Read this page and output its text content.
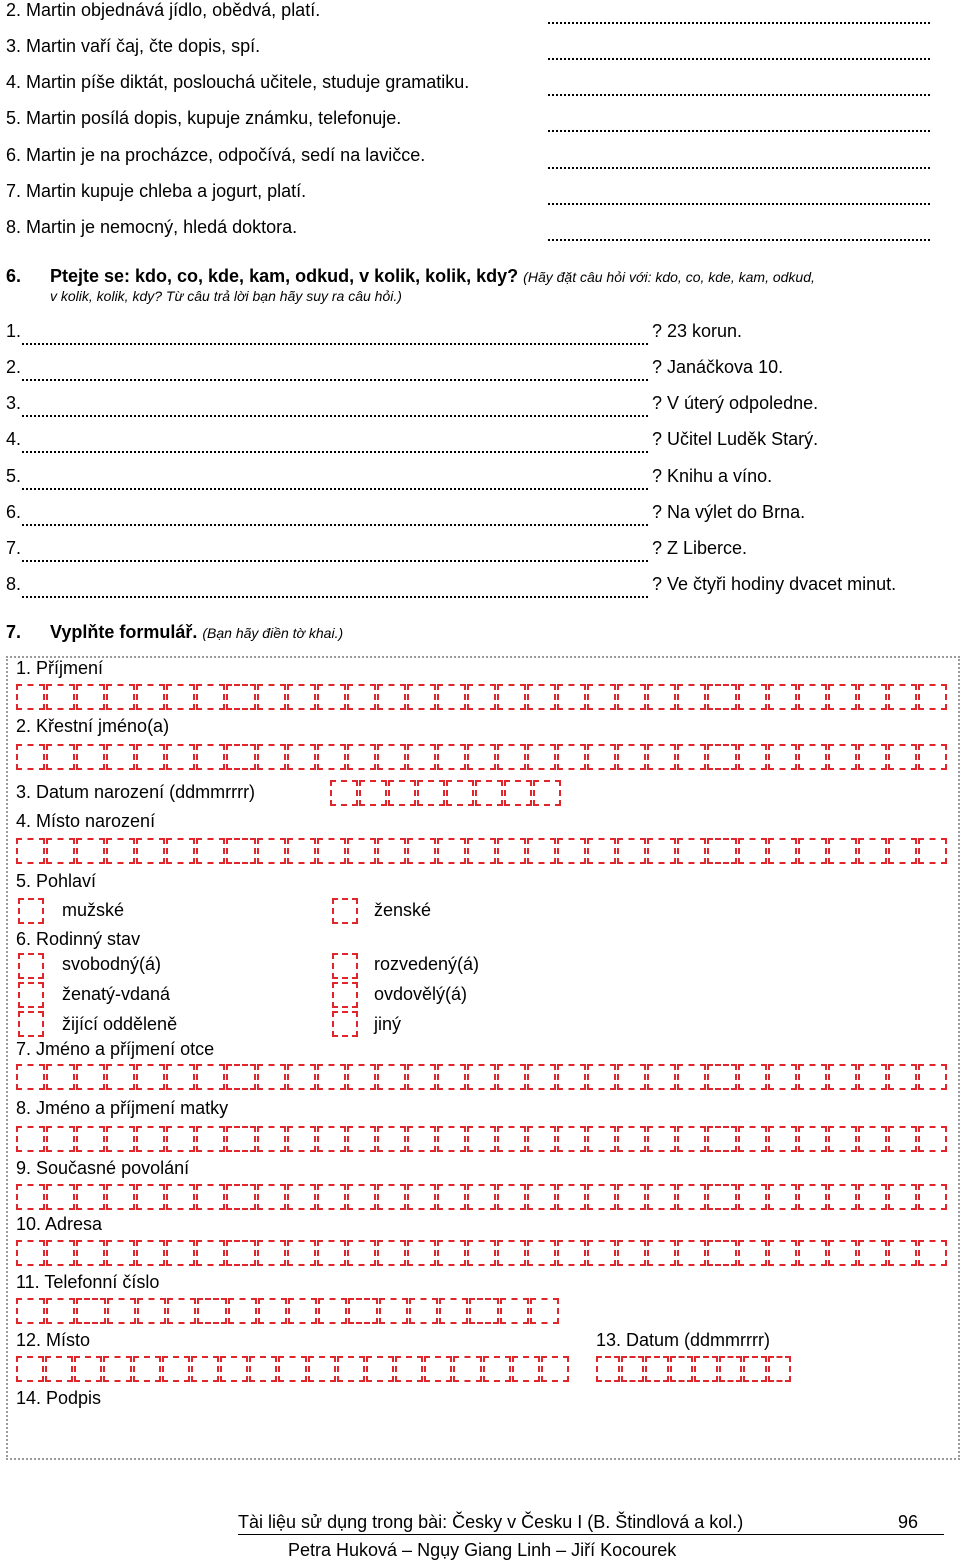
2. Martin objednává jídlo, obědvá, platí.
3. Martin vaří čaj, čte dopis, spí.
4. Martin píše diktát, poslouchá učitele, studuje gramatiku.
5. Martin posílá dopis, kupuje známku, telefonuje.
6. Martin je na procházce, odpočívá, sedí na lavičce.
7. Martin kupuje chleba a jogurt, platí.
8. Martin je nemocný, hledá doktora.
6. Ptejte se: kdo, co, kde, kam, odkud, v kolik, kolik, kdy? (Hãy đặt câu hỏi với: kdo, co, kde, kam, odkud,
v kolik, kolik, kdy? Từ câu trả lời bạn hãy suy ra câu hỏi.)
1.	? 23 korun.
2.	? Janáčkova 10.
3.	? V úterý odpoledne.
4.	? Učitel Luděk Starý.
5.	? Knihu a víno.
6.	? Na výlet do Brna.
7.	? Z Liberce.
8.	? Ve čtyři hodiny dvacet minut.
7. Vyplňte formulář. (Bạn hãy điền tờ khai.)
1. Příjmení
2. Křestní jméno(a)
3. Datum narození (ddmmrrrr)
4. Místo narození
5. Pohlaví
mužské	ženské
6. Rodinný stav
svobodný(á)	rozvedený(á)
ženatý-vdaná	ovdovělý(á)
žijící odděleně	jiný
7. Jméno a příjmení otce
8. Jméno a příjmení matky
9. Současné povolání
10. Adresa
11. Telefonní číslo
12. Místo	13. Datum (ddmmrrrr)
14. Podpis
Tài liệu sử dụng trong bài: Česky v Česku I (B. Štindlová a kol.)	96
Petra Huková – Ngụy Giang Linh – Jiří Kocourek
